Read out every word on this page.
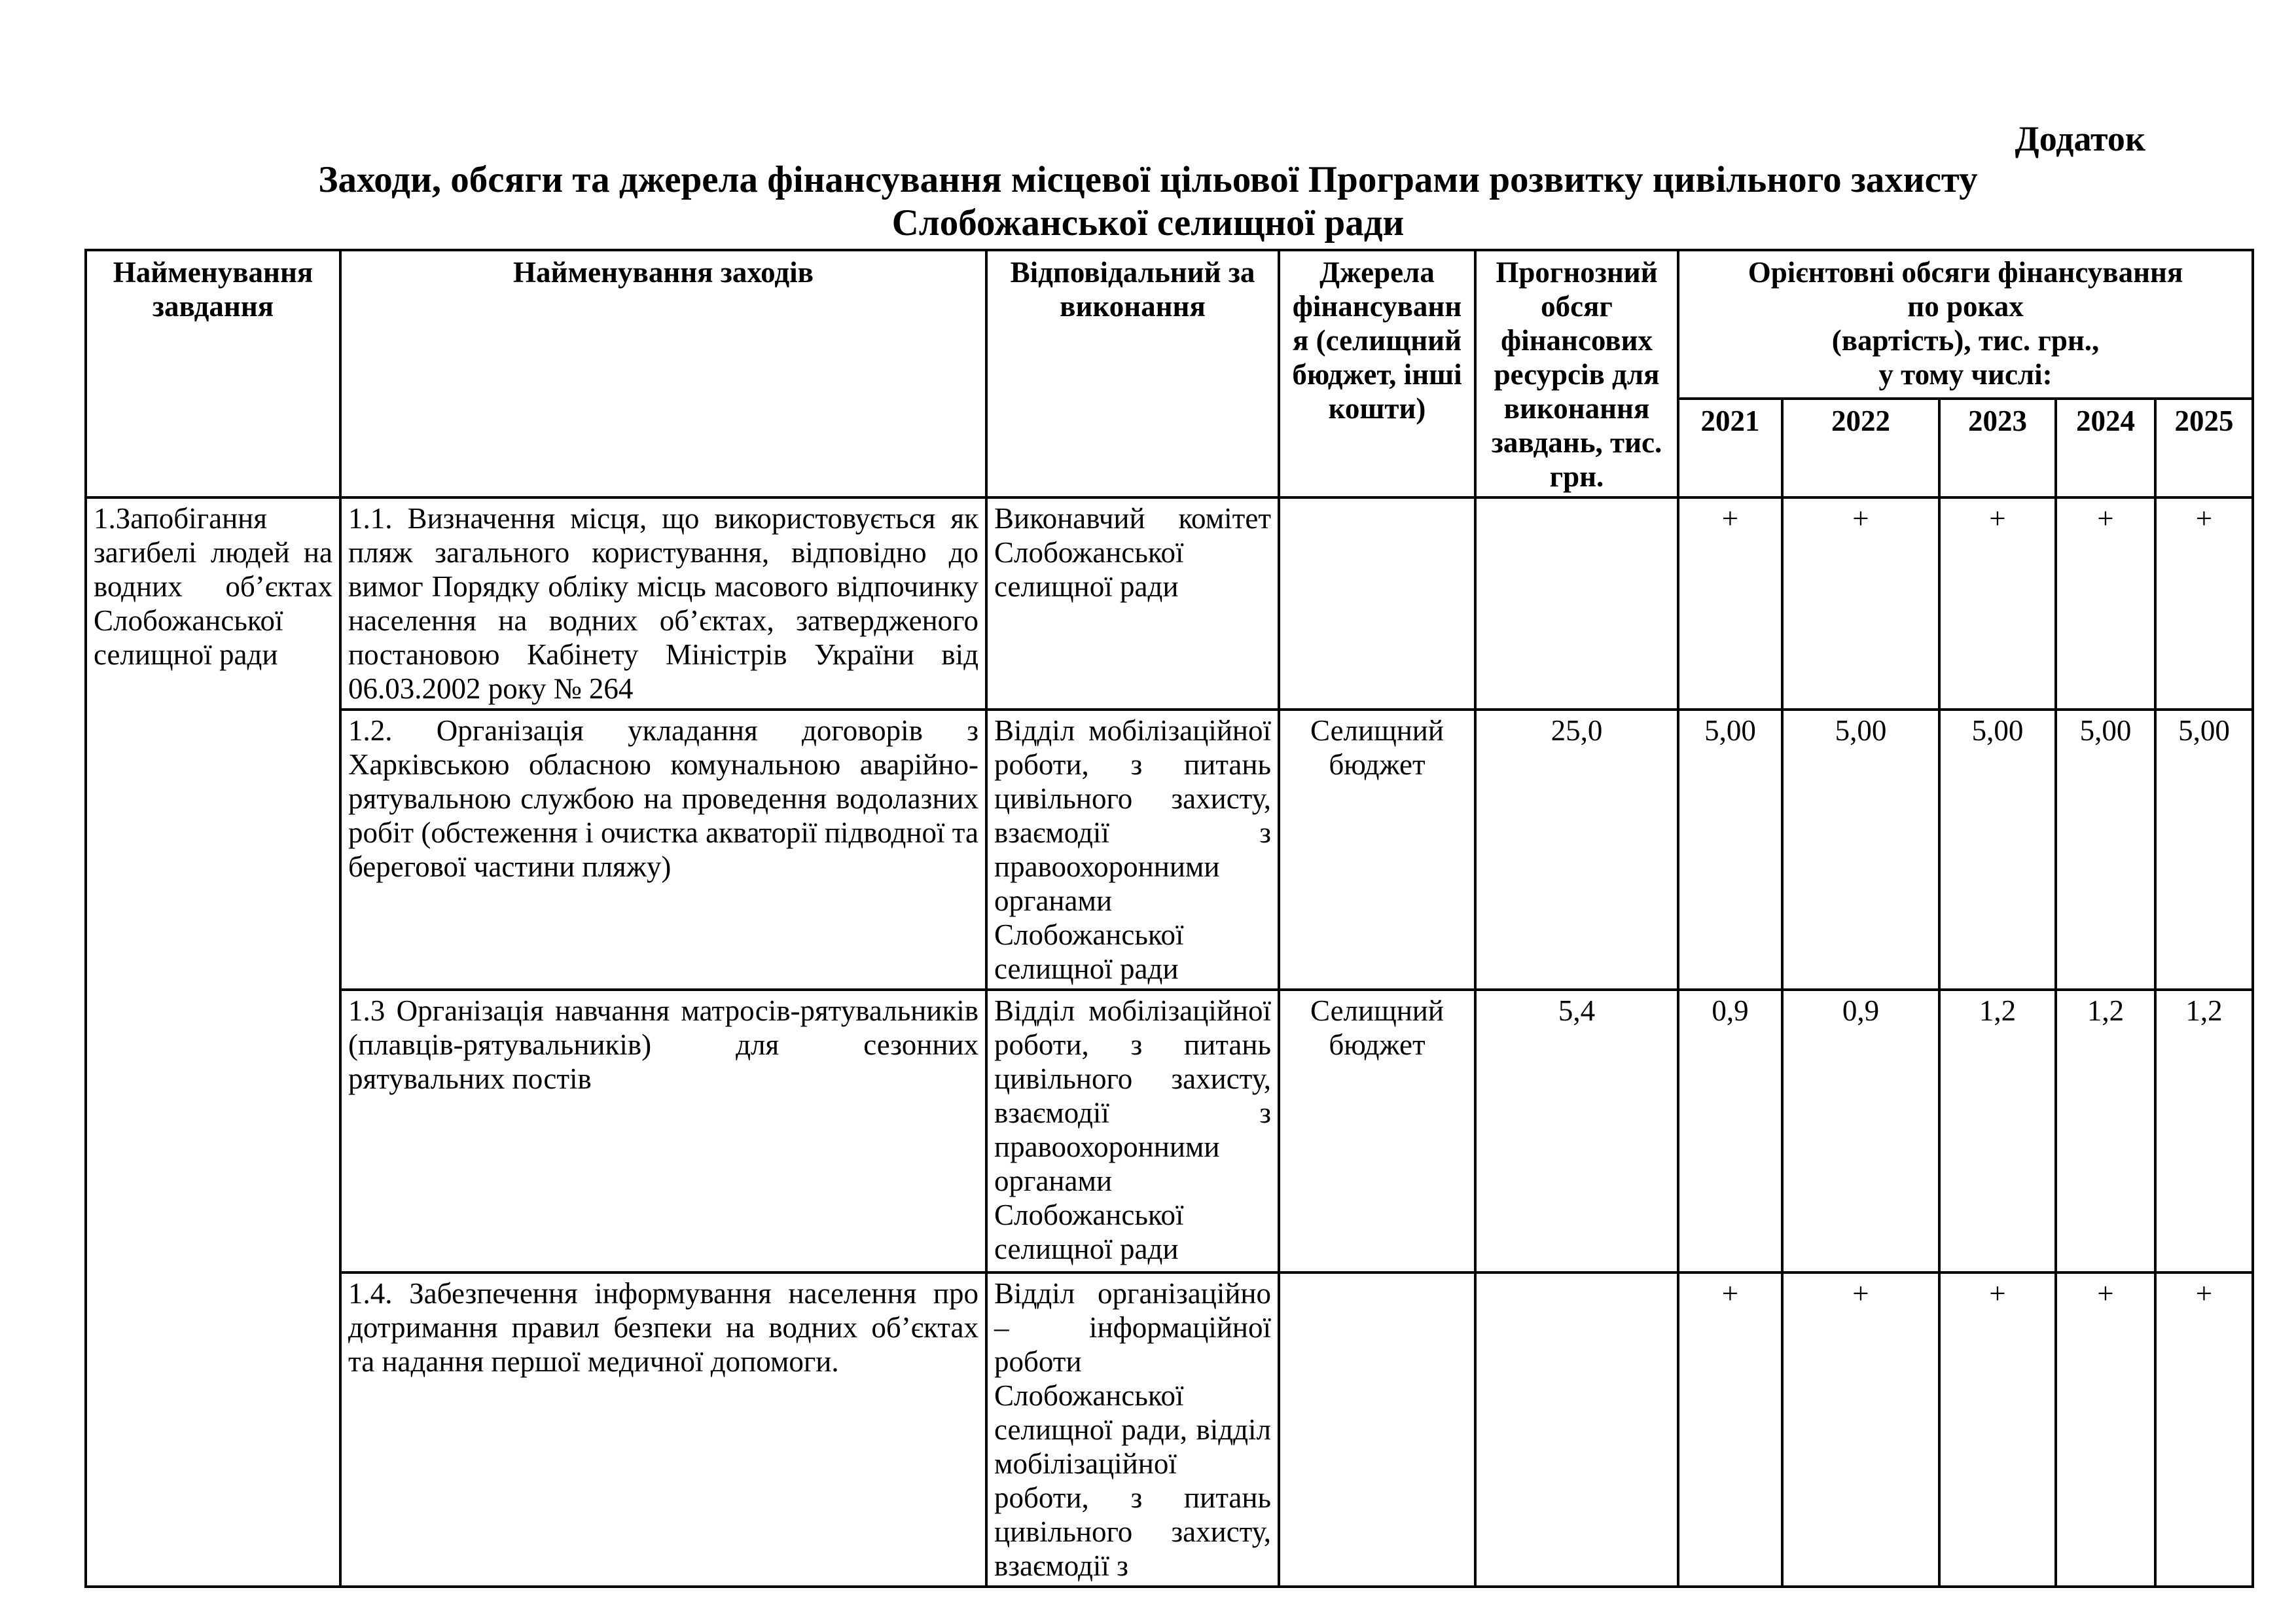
Додаток
Заходи, обсяги та джерела фінансування місцевої цільової Програми розвитку цивільного захисту
Слобожанської селищної ради
Найменування завдання	Найменування заходів	Відповідальний за виконання	Джерела фінансування (селищний бюджет, інші кошти)	Прогнозний обсяг фінансових ресурсів для виконання завдань, тис. грн.	Орієнтовні обсяги фінансування
по роках
(вартість), тис. грн.,
у тому числі:				

					2021	2022	2023	2024	2025
1.Запобігання загибелі людей на водних об’єктах Слобожанської селищної ради	1.1. Визначення місця, що використовується як пляж загального користування, відповідно до вимог Порядку обліку місць масового відпочинку населення на водних об’єктах, затвердженого постановою Кабінету Міністрів України від 06.03.2002 року № 264	Виконавчий комітет Слобожанської селищної ради			+	+	+	+	+
	1.2. Організація укладання договорів з Харківською обласною комунальною аварійно-рятувальною службою на проведення водолазних робіт (обстеження і очистка акваторії підводної та берегової частини пляжу)	Відділ мобілізаційної роботи, з питань цивільного захисту, взаємодії з правоохоронними органами Слобожанської селищної ради	Селищний бюджет	25,0	5,00	5,00	5,00	5,00	5,00
	1.3 Організація навчання матросів-рятувальників (плавців-рятувальників) для сезонних рятувальних постів	Відділ мобілізаційної роботи, з питань цивільного захисту, взаємодії з правоохоронними органами Слобожанської селищної ради	Селищний бюджет	5,4	0,9	0,9	1,2	1,2	1,2
	1.4. Забезпечення інформування населення про дотримання правил безпеки на водних об’єктах та надання першої медичної допомоги.	Відділ організаційно – інформаційної роботи Слобожанської селищної ради, відділ мобілізаційної роботи, з питань цивільного захисту, взаємодії з			+	+	+	+	+
